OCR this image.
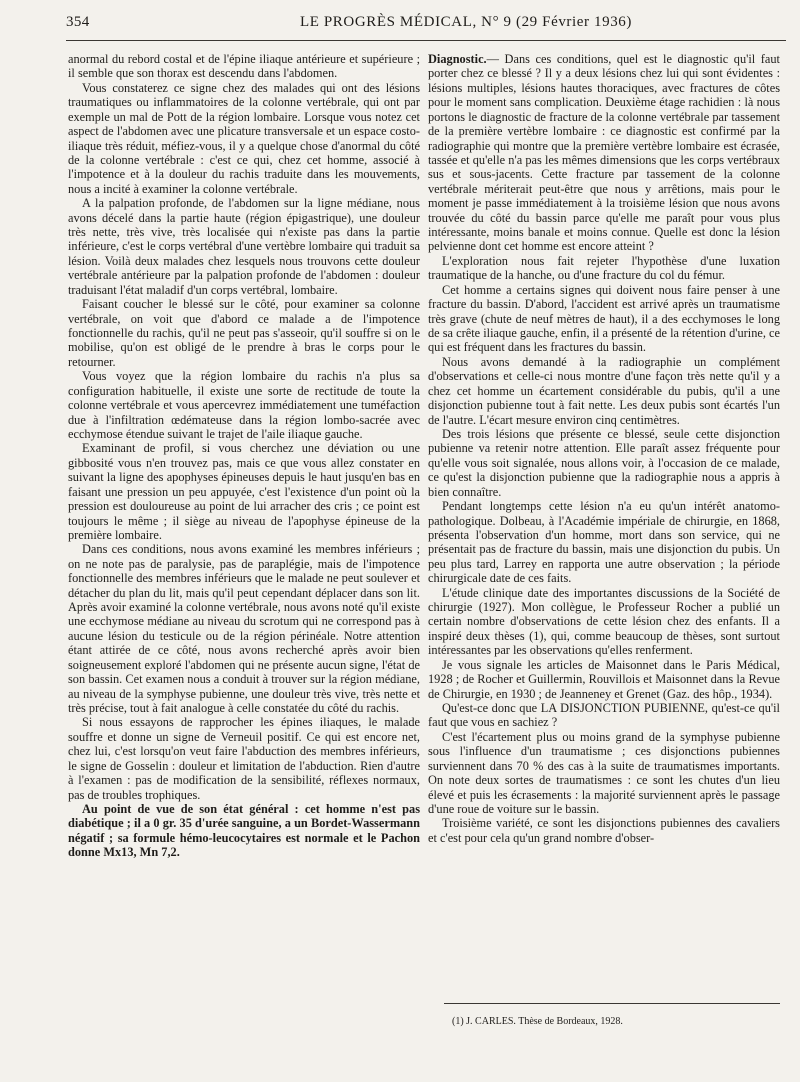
354	LE PROGRÈS MÉDICAL, N° 9 (29 Février 1936)

anormal du rebord costal et de l'épine iliaque antérieure et supérieure ; il semble que son thorax est descendu dans l'abdomen.

Vous constaterez ce signe chez des malades qui ont des lésions traumatiques ou inflammatoires de la colonne vertébrale, qui ont par exemple un mal de Pott de la région lombaire. Lorsque vous notez cet aspect de l'abdomen avec une plicature transversale et un espace costo-iliaque très réduit, méfiez-vous, il y a quelque chose d'anormal du côté de la colonne vertébrale : c'est ce qui, chez cet homme, associé à l'impotence et à la douleur du rachis traduite dans les mouvements, nous a incité à examiner la colonne vertébrale.

A la palpation profonde, de l'abdomen sur la ligne médiane, nous avons décelé dans la partie haute (région épigastrique), une douleur très nette, très vive, très localisée qui n'existe pas dans la partie inférieure, c'est le corps vertébral d'une vertèbre lombaire qui traduit sa lésion. Voilà deux malades chez lesquels nous trouvons cette douleur vertébrale antérieure par la palpation profonde de l'abdomen : douleur traduisant l'état maladif d'un corps vertébral, lombaire.

Faisant coucher le blessé sur le côté, pour examiner sa colonne vertébrale, on voit que d'abord ce malade a de l'impotence fonctionnelle du rachis, qu'il ne peut pas s'asseoir, qu'il souffre si on le mobilise, qu'on est obligé de le prendre à bras le corps pour le retourner.

Vous voyez que la région lombaire du rachis n'a plus sa configuration habituelle, il existe une sorte de rectitude de toute la colonne vertébrale et vous apercevrez immédiatement une tuméfaction due à l'infiltration œdémateuse dans la région lombo-sacrée avec ecchymose étendue suivant le trajet de l'aile iliaque gauche.

Examinant de profil, si vous cherchez une déviation ou une gibbosité vous n'en trouvez pas, mais ce que vous allez constater en suivant la ligne des apophyses épineuses depuis le haut jusqu'en bas en faisant une pression un peu appuyée, c'est l'existence d'un point où la pression est douloureuse au point de lui arracher des cris ; ce point est toujours le même ; il siège au niveau de l'apophyse épineuse de la première lombaire.

Dans ces conditions, nous avons examiné les membres inférieurs ; on ne note pas de paralysie, pas de paraplégie, mais de l'impotence fonctionnelle des membres inférieurs que le malade ne peut soulever et détacher du plan du lit, mais qu'il peut cependant déplacer dans son lit. Après avoir examiné la colonne vertébrale, nous avons noté qu'il existe une ecchymose médiane au niveau du scrotum qui ne correspond pas à aucune lésion du testicule ou de la région périnéale. Notre attention étant attirée de ce côté, nous avons recherché après avoir bien soigneusement exploré l'abdomen qui ne présente aucun signe, l'état de son bassin. Cet examen nous a conduit à trouver sur la région médiane, au niveau de la symphyse pubienne, une douleur très vive, très nette et très précise, tout à fait analogue à celle constatée du côté du rachis.

Si nous essayons de rapprocher les épines iliaques, le malade souffre et donne un signe de Verneuil positif. Ce qui est encore net, chez lui, c'est lorsqu'on veut faire l'abduction des membres inférieurs, le signe de Gosselin : douleur et limitation de l'abduction. Rien d'autre à l'examen : pas de modification de la sensibilité, réflexes normaux, pas de troubles trophiques.

Au point de vue de son état général : cet homme n'est pas diabétique ; il a 0 gr. 35 d'urée sanguine, a un Bordet-Wassermann négatif ; sa formule hémo-leucocytaires est normale et le Pachon donne Mx13, Mn 7,2.

Diagnostic.— Dans ces conditions, quel est le diagnostic qu'il faut porter chez ce blessé ? Il y a deux lésions chez lui qui sont évidentes : lésions multiples, lésions hautes thoraciques, avec fractures de côtes pour le moment sans complication. Deuxième étage rachidien : là nous portons le diagnostic de fracture de la colonne vertébrale par tassement de la première vertèbre lombaire : ce diagnostic est confirmé par la radiographie qui montre que la première vertèbre lombaire est écrasée, tassée et qu'elle n'a pas les mêmes dimensions que les corps vertébraux sus et sous-jacents. Cette fracture par tassement de la colonne vertébrale mériterait peut-être que nous y arrêtions, mais pour le moment je passe immédiatement à la troisième lésion que nous avons trouvée du côté du bassin parce qu'elle me paraît pour vous plus intéressante, moins banale et moins connue. Quelle est donc la lésion pelvienne dont cet homme est encore atteint ?

L'exploration nous fait rejeter l'hypothèse d'une luxation traumatique de la hanche, ou d'une fracture du col du fémur.

Cet homme a certains signes qui doivent nous faire penser à une fracture du bassin. D'abord, l'accident est arrivé après un traumatisme très grave (chute de neuf mètres de haut), il a des ecchymoses le long de sa crête iliaque gauche, enfin, il a présenté de la rétention d'urine, ce qui est fréquent dans les fractures du bassin.

Nous avons demandé à la radiographie un complément d'observations et celle-ci nous montre d'une façon très nette qu'il y a chez cet homme un écartement considérable du pubis, qu'il a une disjonction pubienne tout à fait nette. Les deux pubis sont écartés l'un de l'autre. L'écart mesure environ cinq centimètres.

Des trois lésions que présente ce blessé, seule cette disjonction pubienne va retenir notre attention. Elle paraît assez fréquente pour qu'elle vous soit signalée, nous allons voir, à l'occasion de ce malade, ce qu'est la disjonction pubienne que la radiographie nous a appris à bien connaître.

Pendant longtemps cette lésion n'a eu qu'un intérêt anatomo-pathologique. Dolbeau, à l'Académie impériale de chirurgie, en 1868, présenta l'observation d'un homme, mort dans son service, qui ne présentait pas de fracture du bassin, mais une disjonction du pubis. Un peu plus tard, Larrey en rapporta une autre observation ; la période chirurgicale date de ces faits.

L'étude clinique date des importantes discussions de la Société de chirurgie (1927). Mon collègue, le Professeur Rocher a publié un certain nombre d'observations de cette lésion chez des enfants. Il a inspiré deux thèses (1), qui, comme beaucoup de thèses, sont surtout intéressantes par les observations qu'elles renferment.

Je vous signale les articles de Maisonnet dans le Paris Médical, 1928 ; de Rocher et Guillermin, Rouvillois et Maisonnet dans la Revue de Chirurgie, en 1930 ; de Jeanneney et Grenet (Gaz. des hôp., 1934).

Qu'est-ce donc que LA DISJONCTION PUBIENNE, qu'est-ce qu'il faut que vous en sachiez ?

C'est l'écartement plus ou moins grand de la symphyse pubienne sous l'influence d'un traumatisme ; ces disjonctions pubiennes surviennent dans 70 % des cas à la suite de traumatismes importants. On note deux sortes de traumatismes : ce sont les chutes d'un lieu élevé et puis les écrasements : la majorité surviennent après le passage d'une roue de voiture sur le bassin.

Troisième variété, ce sont les disjonctions pubiennes des cavaliers et c'est pour cela qu'un grand nombre d'obser-

(1) J. CARLES. Thèse de Bordeaux, 1928.
